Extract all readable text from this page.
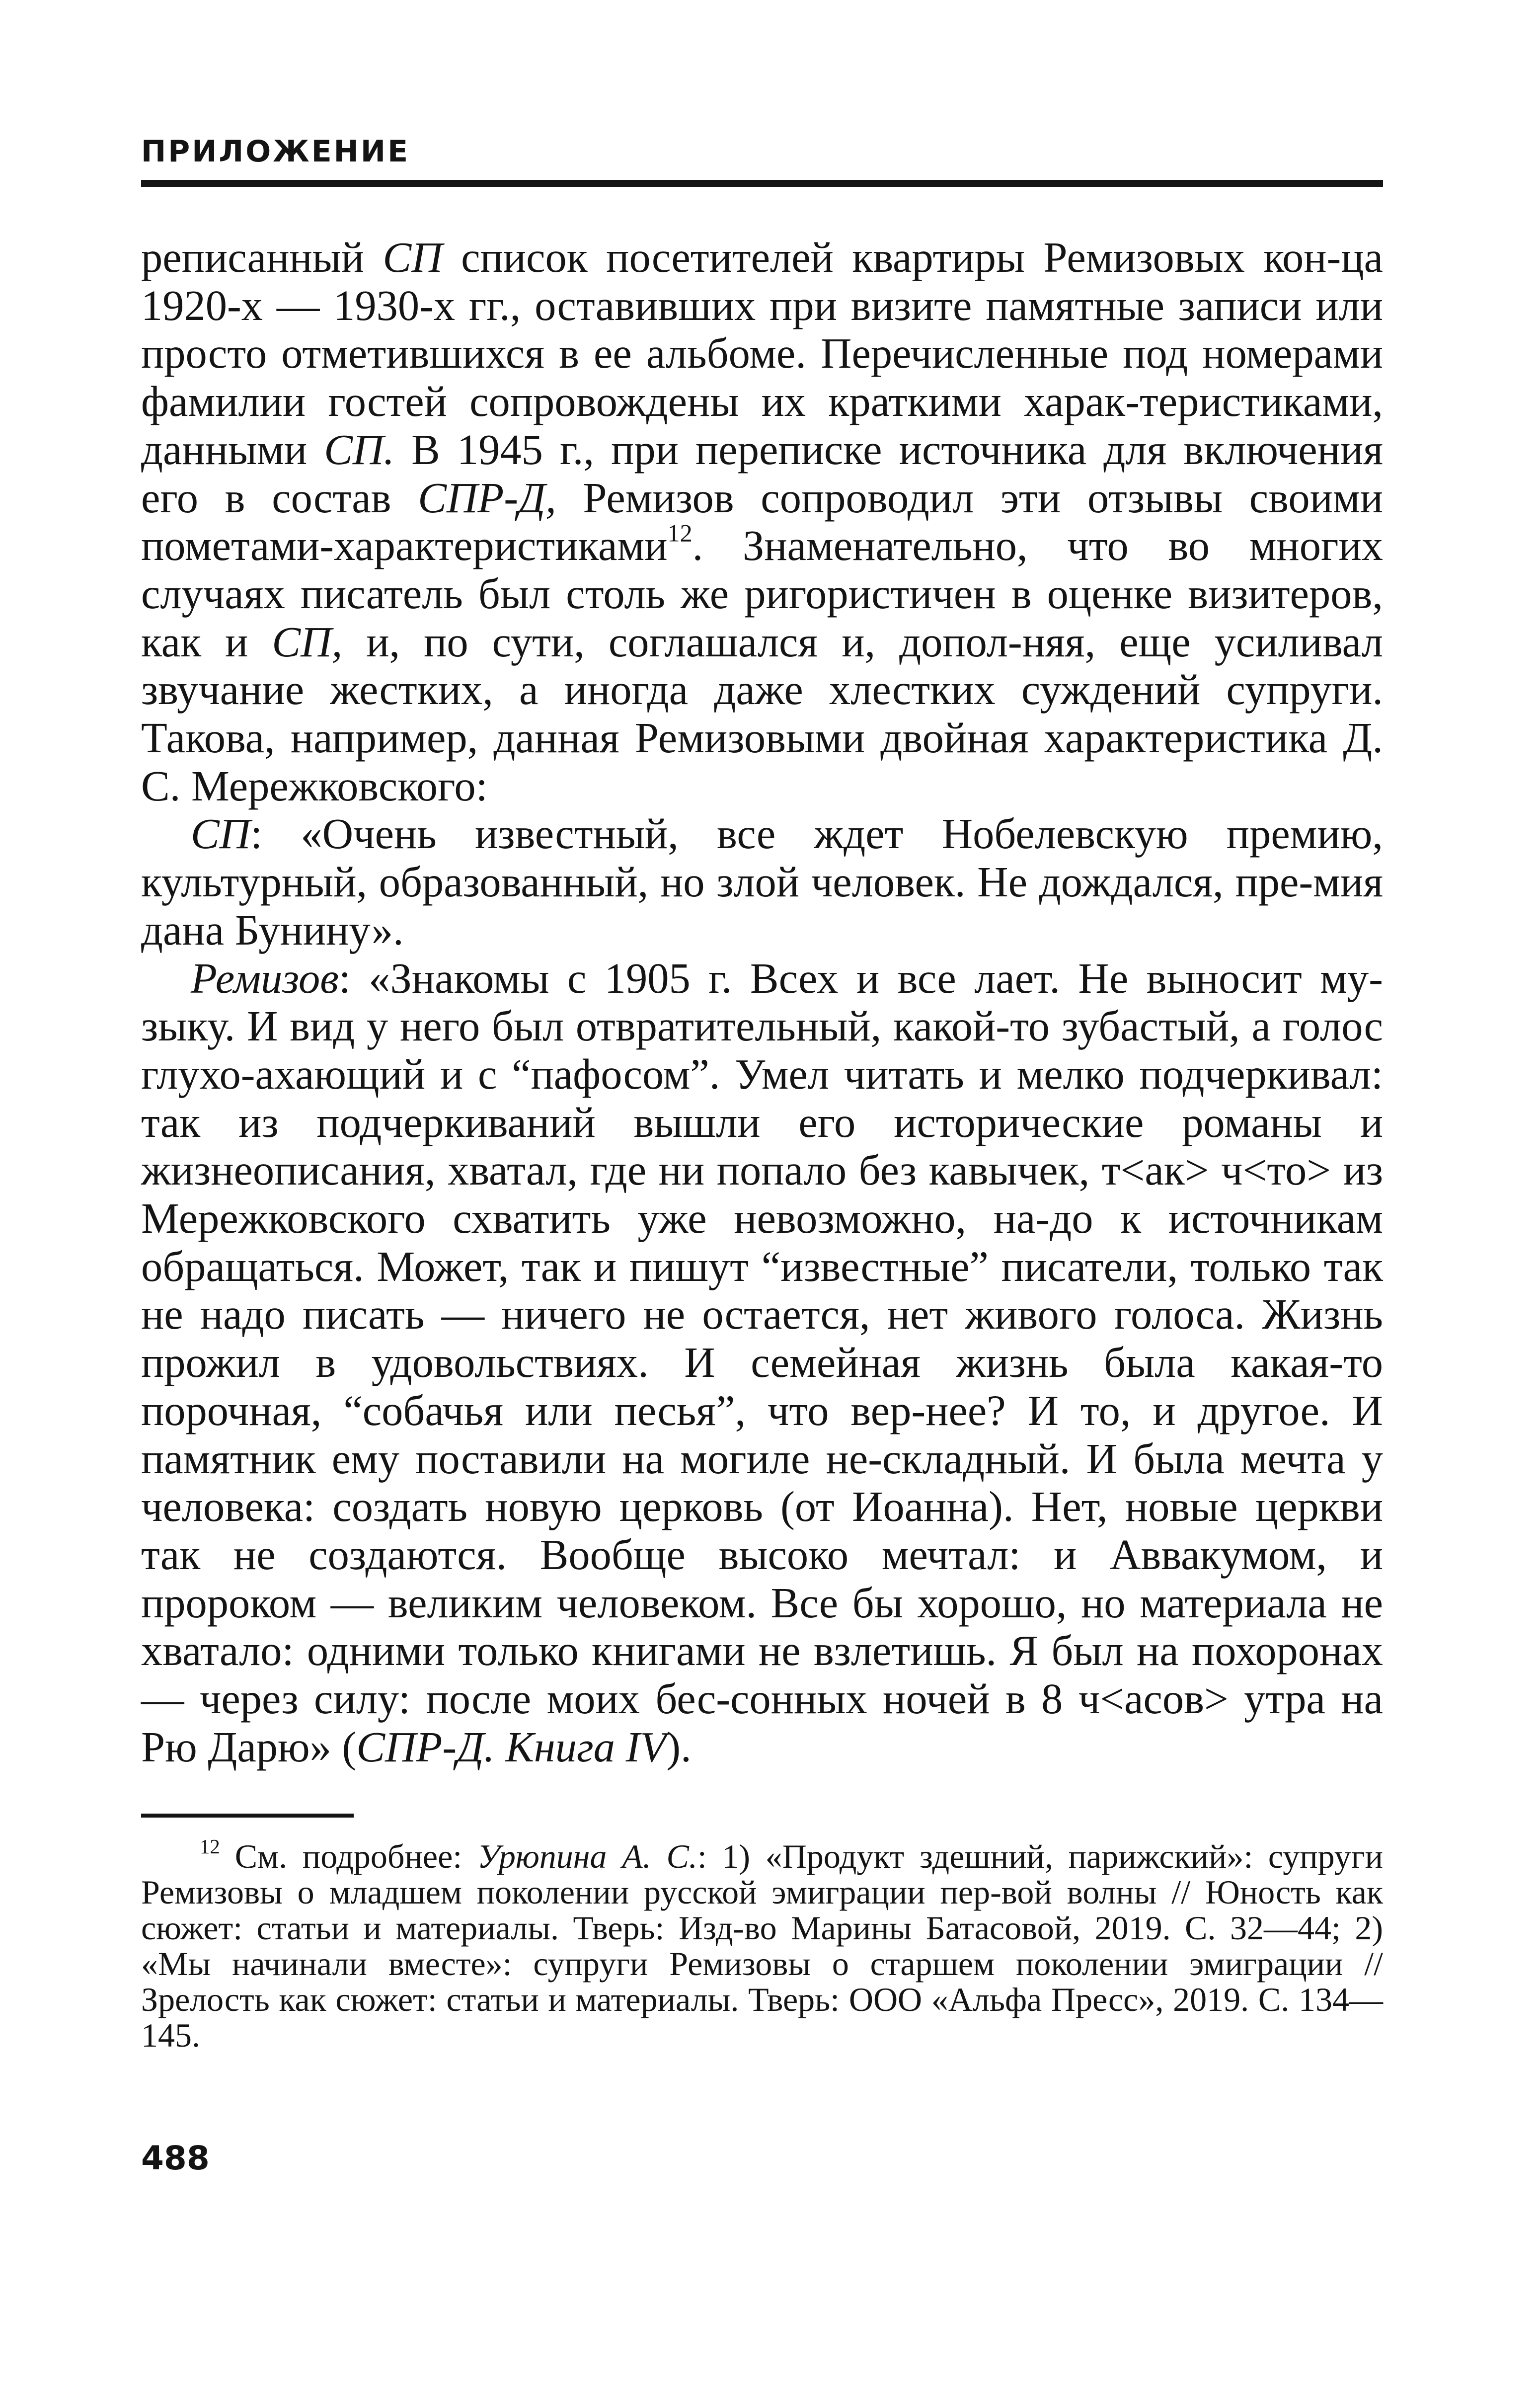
ПРИЛОЖЕНИЕ

реписанный СП список посетителей квартиры Ремизовых кон-ца 1920-х — 1930-х гг., оставивших при визите памятные записи или просто отметившихся в ее альбоме. Перечисленные под номерами фамилии гостей сопровождены их краткими харак-теристиками, данными СП. В 1945 г., при переписке источника для включения его в состав СПР-Д, Ремизов сопроводил эти отзывы своими пометами-характеристиками$^{12}$. Знаменательно, что во многих случаях писатель был столь же ригористичен в оценке визитеров, как и СП, и, по сути, соглашался и, допол-няя, еще усиливал звучание жестких, а иногда даже хлестких суждений супруги. Такова, например, данная Ремизовыми двойная характеристика Д. С. Мережковского:

СП: «Очень известный, все ждет Нобелевскую премию, культурный, образованный, но злой человек. Не дождался, пре-мия дана Бунину».

Ремизов: «Знакомы с 1905 г. Всех и все лает. Не выносит му-зыку. И вид у него был отвратительный, какой-то зубастый, а голос глухо-ахающий и с “пафосом”. Умел читать и мелко подчеркивал: так из подчеркиваний вышли его исторические романы и жизнеописания, хватал, где ни попало без кавычек, т<ак> ч<то> из Мережковского схватить уже невозможно, на-до к источникам обращаться. Может, так и пишут “известные” писатели, только так не надо писать — ничего не остается, нет живого голоса. Жизнь прожил в удовольствиях. И семейная жизнь была какая-то порочная, “собачья или песья”, что вер-нее? И то, и другое. И памятник ему поставили на могиле не-складный. И была мечта у человека: создать новую церковь (от Иоанна). Нет, новые церкви так не создаются. Вообще высоко мечтал: и Аввакумом, и пророком — великим человеком. Все бы хорошо, но материала не хватало: одними только книгами не взлетишь. Я был на похоронах — через силу: после моих бес-сонных ночей в 8 ч<асов> утра на Рю Дарю» (СПР-Д. Книга IV).

$^{12}$ См. подробнее: Урюпина А. С.: 1) «Продукт здешний, парижский»: супруги Ремизовы о младшем поколении русской эмиграции пер-вой волны // Юность как сюжет: статьи и материалы. Тверь: Изд-во Марины Батасовой, 2019. С. 32—44; 2) «Мы начинали вместе»: супруги Ремизовы о старшем поколении эмиграции // Зрелость как сюжет: статьи и материалы. Тверь: ООО «Альфа Пресс», 2019. С. 134—145.

488
